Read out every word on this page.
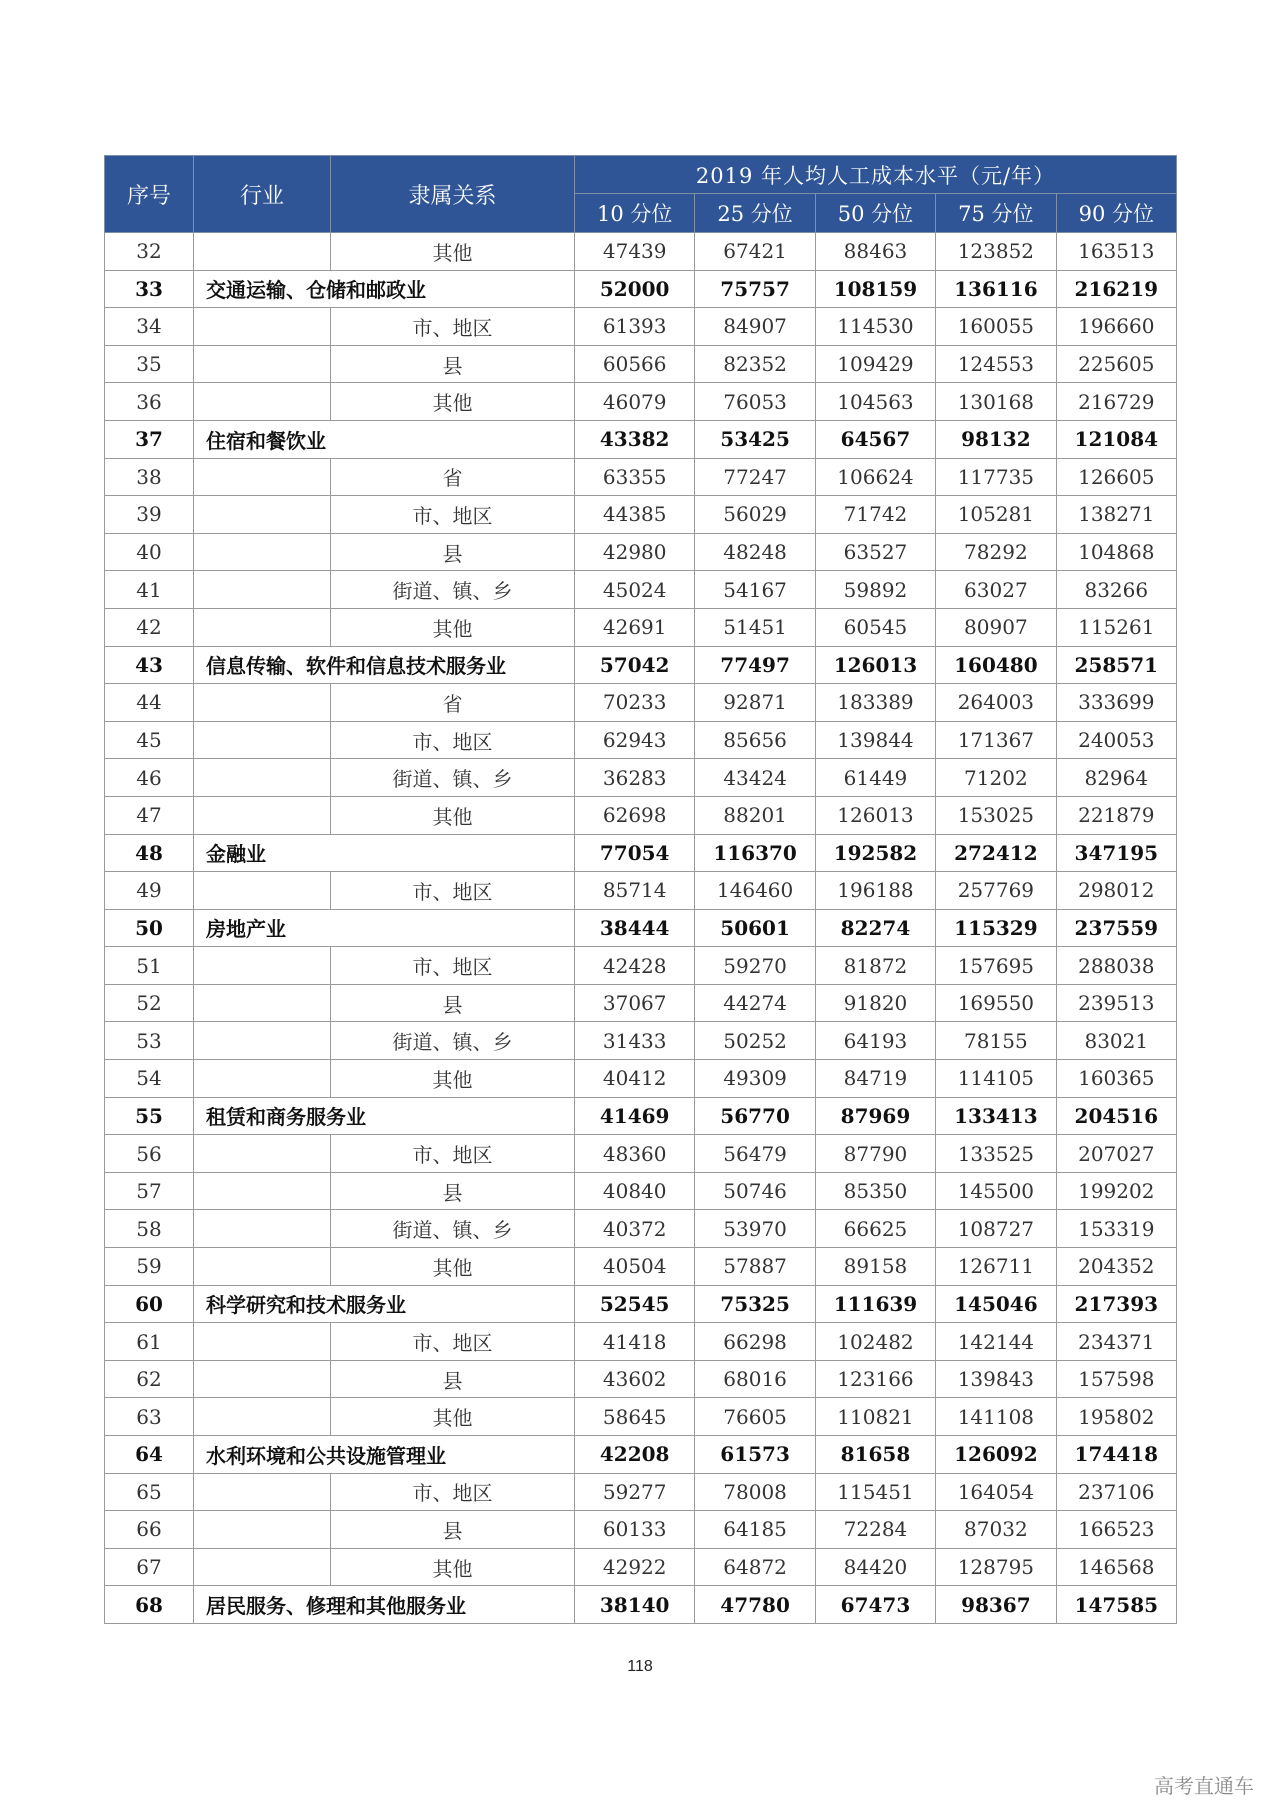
序号	行业	隶属关系	2019 年人均人工成本水平（元/年）				
			10 分位	25 分位	50 分位	75 分位	90 分位
32		其他	47439	67421	88463	123852	163513
33	交通运输、仓储和邮政业		52000	75757	108159	136116	216219
34		市、地区	61393	84907	114530	160055	196660
35		县	60566	82352	109429	124553	225605
36		其他	46079	76053	104563	130168	216729
37	住宿和餐饮业		43382	53425	64567	98132	121084
38		省	63355	77247	106624	117735	126605
39		市、地区	44385	56029	71742	105281	138271
40		县	42980	48248	63527	78292	104868
41		街道、镇、乡	45024	54167	59892	63027	83266
42		其他	42691	51451	60545	80907	115261
43	信息传输、软件和信息技术服务业		57042	77497	126013	160480	258571
44		省	70233	92871	183389	264003	333699
45		市、地区	62943	85656	139844	171367	240053
46		街道、镇、乡	36283	43424	61449	71202	82964
47		其他	62698	88201	126013	153025	221879
48	金融业		77054	116370	192582	272412	347195
49		市、地区	85714	146460	196188	257769	298012
50	房地产业		38444	50601	82274	115329	237559
51		市、地区	42428	59270	81872	157695	288038
52		县	37067	44274	91820	169550	239513
53		街道、镇、乡	31433	50252	64193	78155	83021
54		其他	40412	49309	84719	114105	160365
55	租赁和商务服务业		41469	56770	87969	133413	204516
56		市、地区	48360	56479	87790	133525	207027
57		县	40840	50746	85350	145500	199202
58		街道、镇、乡	40372	53970	66625	108727	153319
59		其他	40504	57887	89158	126711	204352
60	科学研究和技术服务业		52545	75325	111639	145046	217393
61		市、地区	41418	66298	102482	142144	234371
62		县	43602	68016	123166	139843	157598
63		其他	58645	76605	110821	141108	195802
64	水利环境和公共设施管理业		42208	61573	81658	126092	174418
65		市、地区	59277	78008	115451	164054	237106
66		县	60133	64185	72284	87032	166523
67		其他	42922	64872	84420	128795	146568
68	居民服务、修理和其他服务业		38140	47780	67473	98367	147585
118
高考直通车
